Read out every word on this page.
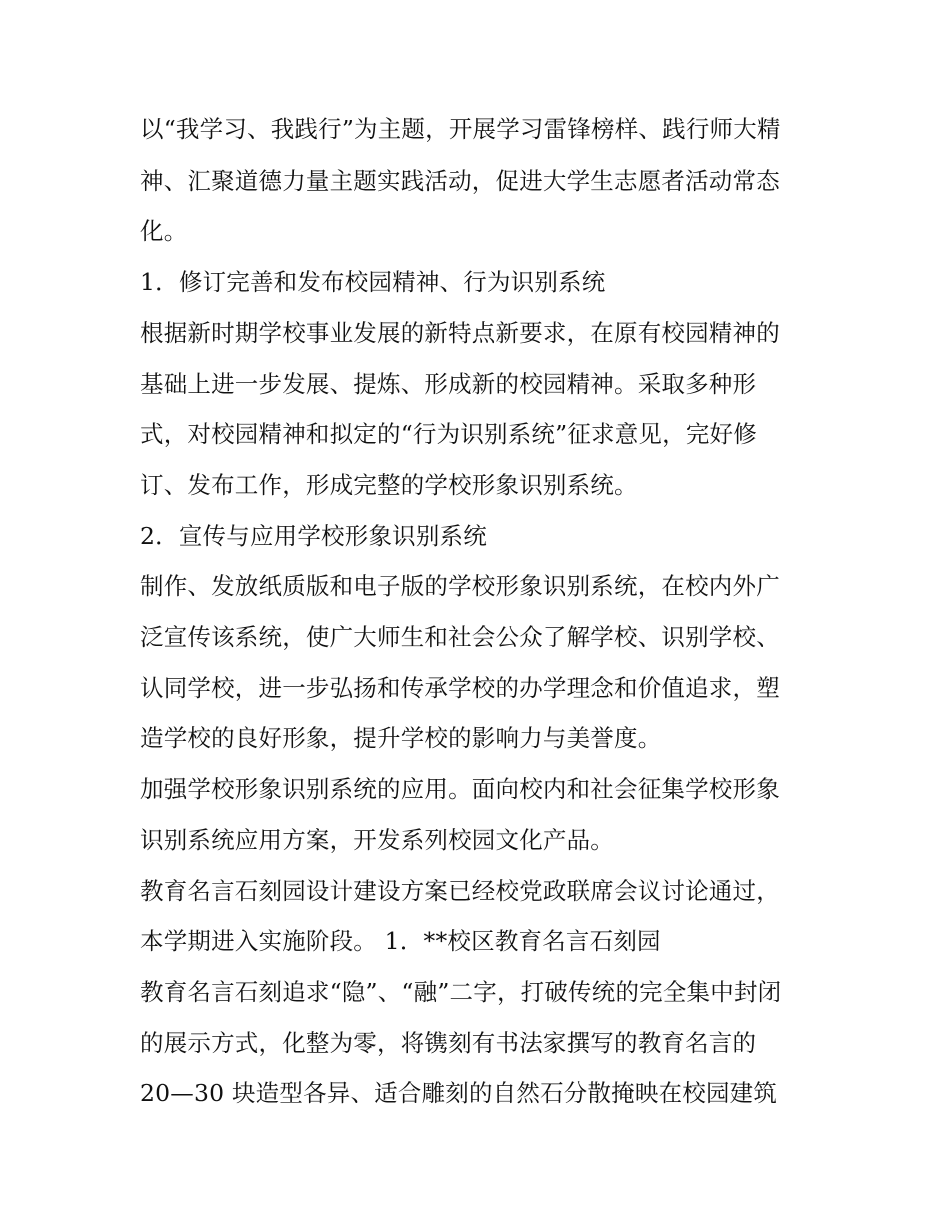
以“我学习、我践行”为主题，开展学习雷锋榜样、践行师大精
神、汇聚道德力量主题实践活动，促进大学生志愿者活动常态
化。
1．修订完善和发布校园精神、行为识别系统
根据新时期学校事业发展的新特点新要求，在原有校园精神的
基础上进一步发展、提炼、形成新的校园精神。采取多种形
式，对校园精神和拟定的“行为识别系统”征求意见，完好修
订、发布工作，形成完整的学校形象识别系统。
2．宣传与应用学校形象识别系统
制作、发放纸质版和电子版的学校形象识别系统，在校内外广
泛宣传该系统，使广大师生和社会公众了解学校、识别学校、
认同学校，进一步弘扬和传承学校的办学理念和价值追求，塑
造学校的良好形象，提升学校的影响力与美誉度。
加强学校形象识别系统的应用。面向校内和社会征集学校形象
识别系统应用方案，开发系列校园文化产品。
教育名言石刻园设计建设方案已经校党政联席会议讨论通过，
本学期进入实施阶段。 1．**校区教育名言石刻园
教育名言石刻追求“隐”、“融”二字，打破传统的完全集中封闭
的展示方式，化整为零，将镌刻有书法家撰写的教育名言的
20—30 块造型各异、适合雕刻的自然石分散掩映在校园建筑
